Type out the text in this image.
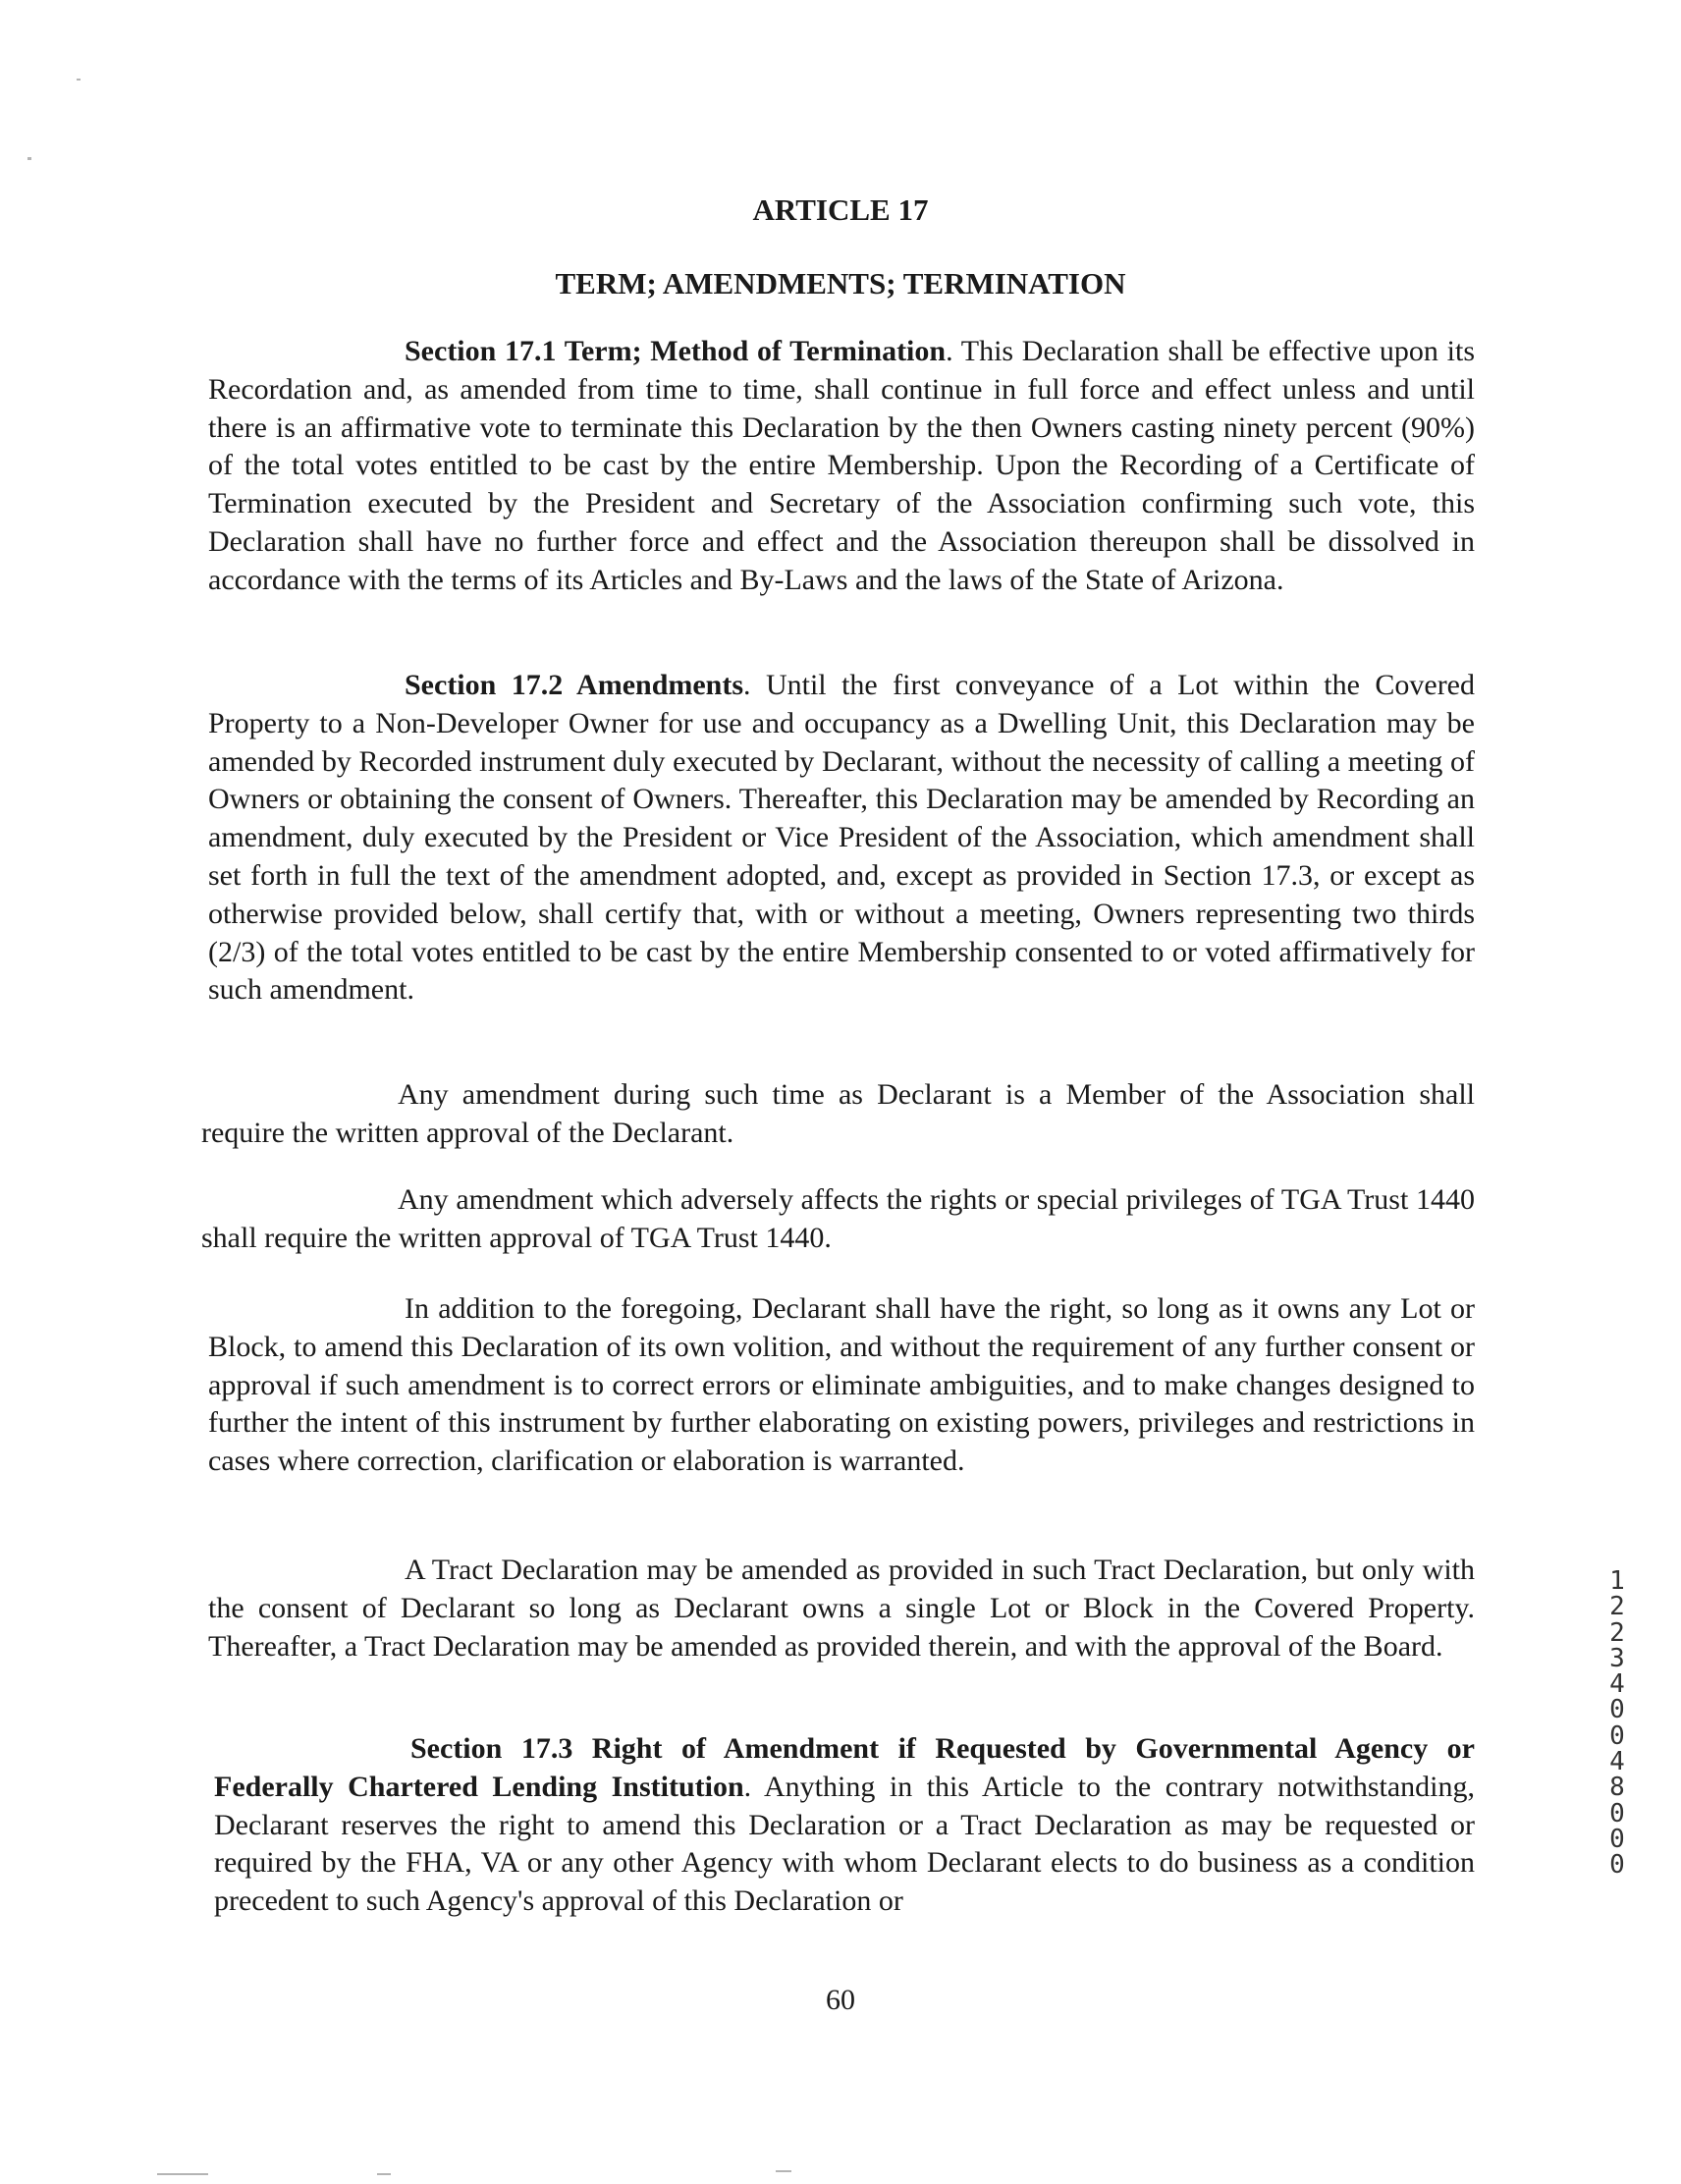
ARTICLE 17
TERM; AMENDMENTS; TERMINATION

Section 17.1 Term; Method of Termination. This Declaration shall be effective upon its Recordation and, as amended from time to time, shall continue in full force and effect unless and until there is an affirmative vote to terminate this Declaration by the then Owners casting ninety percent (90%) of the total votes entitled to be cast by the entire Membership. Upon the Recording of a Certificate of Termination executed by the President and Secretary of the Association confirming such vote, this Declaration shall have no further force and effect and the Association thereupon shall be dissolved in accordance with the terms of its Articles and By-Laws and the laws of the State of Arizona.

Section 17.2 Amendments. Until the first conveyance of a Lot within the Covered Property to a Non-Developer Owner for use and occupancy as a Dwelling Unit, this Declaration may be amended by Recorded instrument duly executed by Declarant, without the necessity of calling a meeting of Owners or obtaining the consent of Owners. Thereafter, this Declaration may be amended by Recording an amendment, duly executed by the President or Vice President of the Association, which amendment shall set forth in full the text of the amendment adopted, and, except as provided in Section 17.3, or except as otherwise provided below, shall certify that, with or without a meeting, Owners representing two thirds (2/3) of the total votes entitled to be cast by the entire Membership consented to or voted affirmatively for such amendment.

Any amendment during such time as Declarant is a Member of the Association shall require the written approval of the Declarant.

Any amendment which adversely affects the rights or special privileges of TGA Trust 1440 shall require the written approval of TGA Trust 1440.

In addition to the foregoing, Declarant shall have the right, so long as it owns any Lot or Block, to amend this Declaration of its own volition, and without the requirement of any further consent or approval if such amendment is to correct errors or eliminate ambiguities, and to make changes designed to further the intent of this instrument by further elaborating on existing powers, privileges and restrictions in cases where correction, clarification or elaboration is warranted.

A Tract Declaration may be amended as provided in such Tract Declaration, but only with the consent of Declarant so long as Declarant owns a single Lot or Block in the Covered Property. Thereafter, a Tract Declaration may be amended as provided therein, and with the approval of the Board.

Section 17.3 Right of Amendment if Requested by Governmental Agency or Federally Chartered Lending Institution. Anything in this Article to the contrary notwithstanding, Declarant reserves the right to amend this Declaration or a Tract Declaration as may be requested or required by the FHA, VA or any other Agency with whom Declarant elects to do business as a condition precedent to such Agency's approval of this Declaration or

60
122340048000
